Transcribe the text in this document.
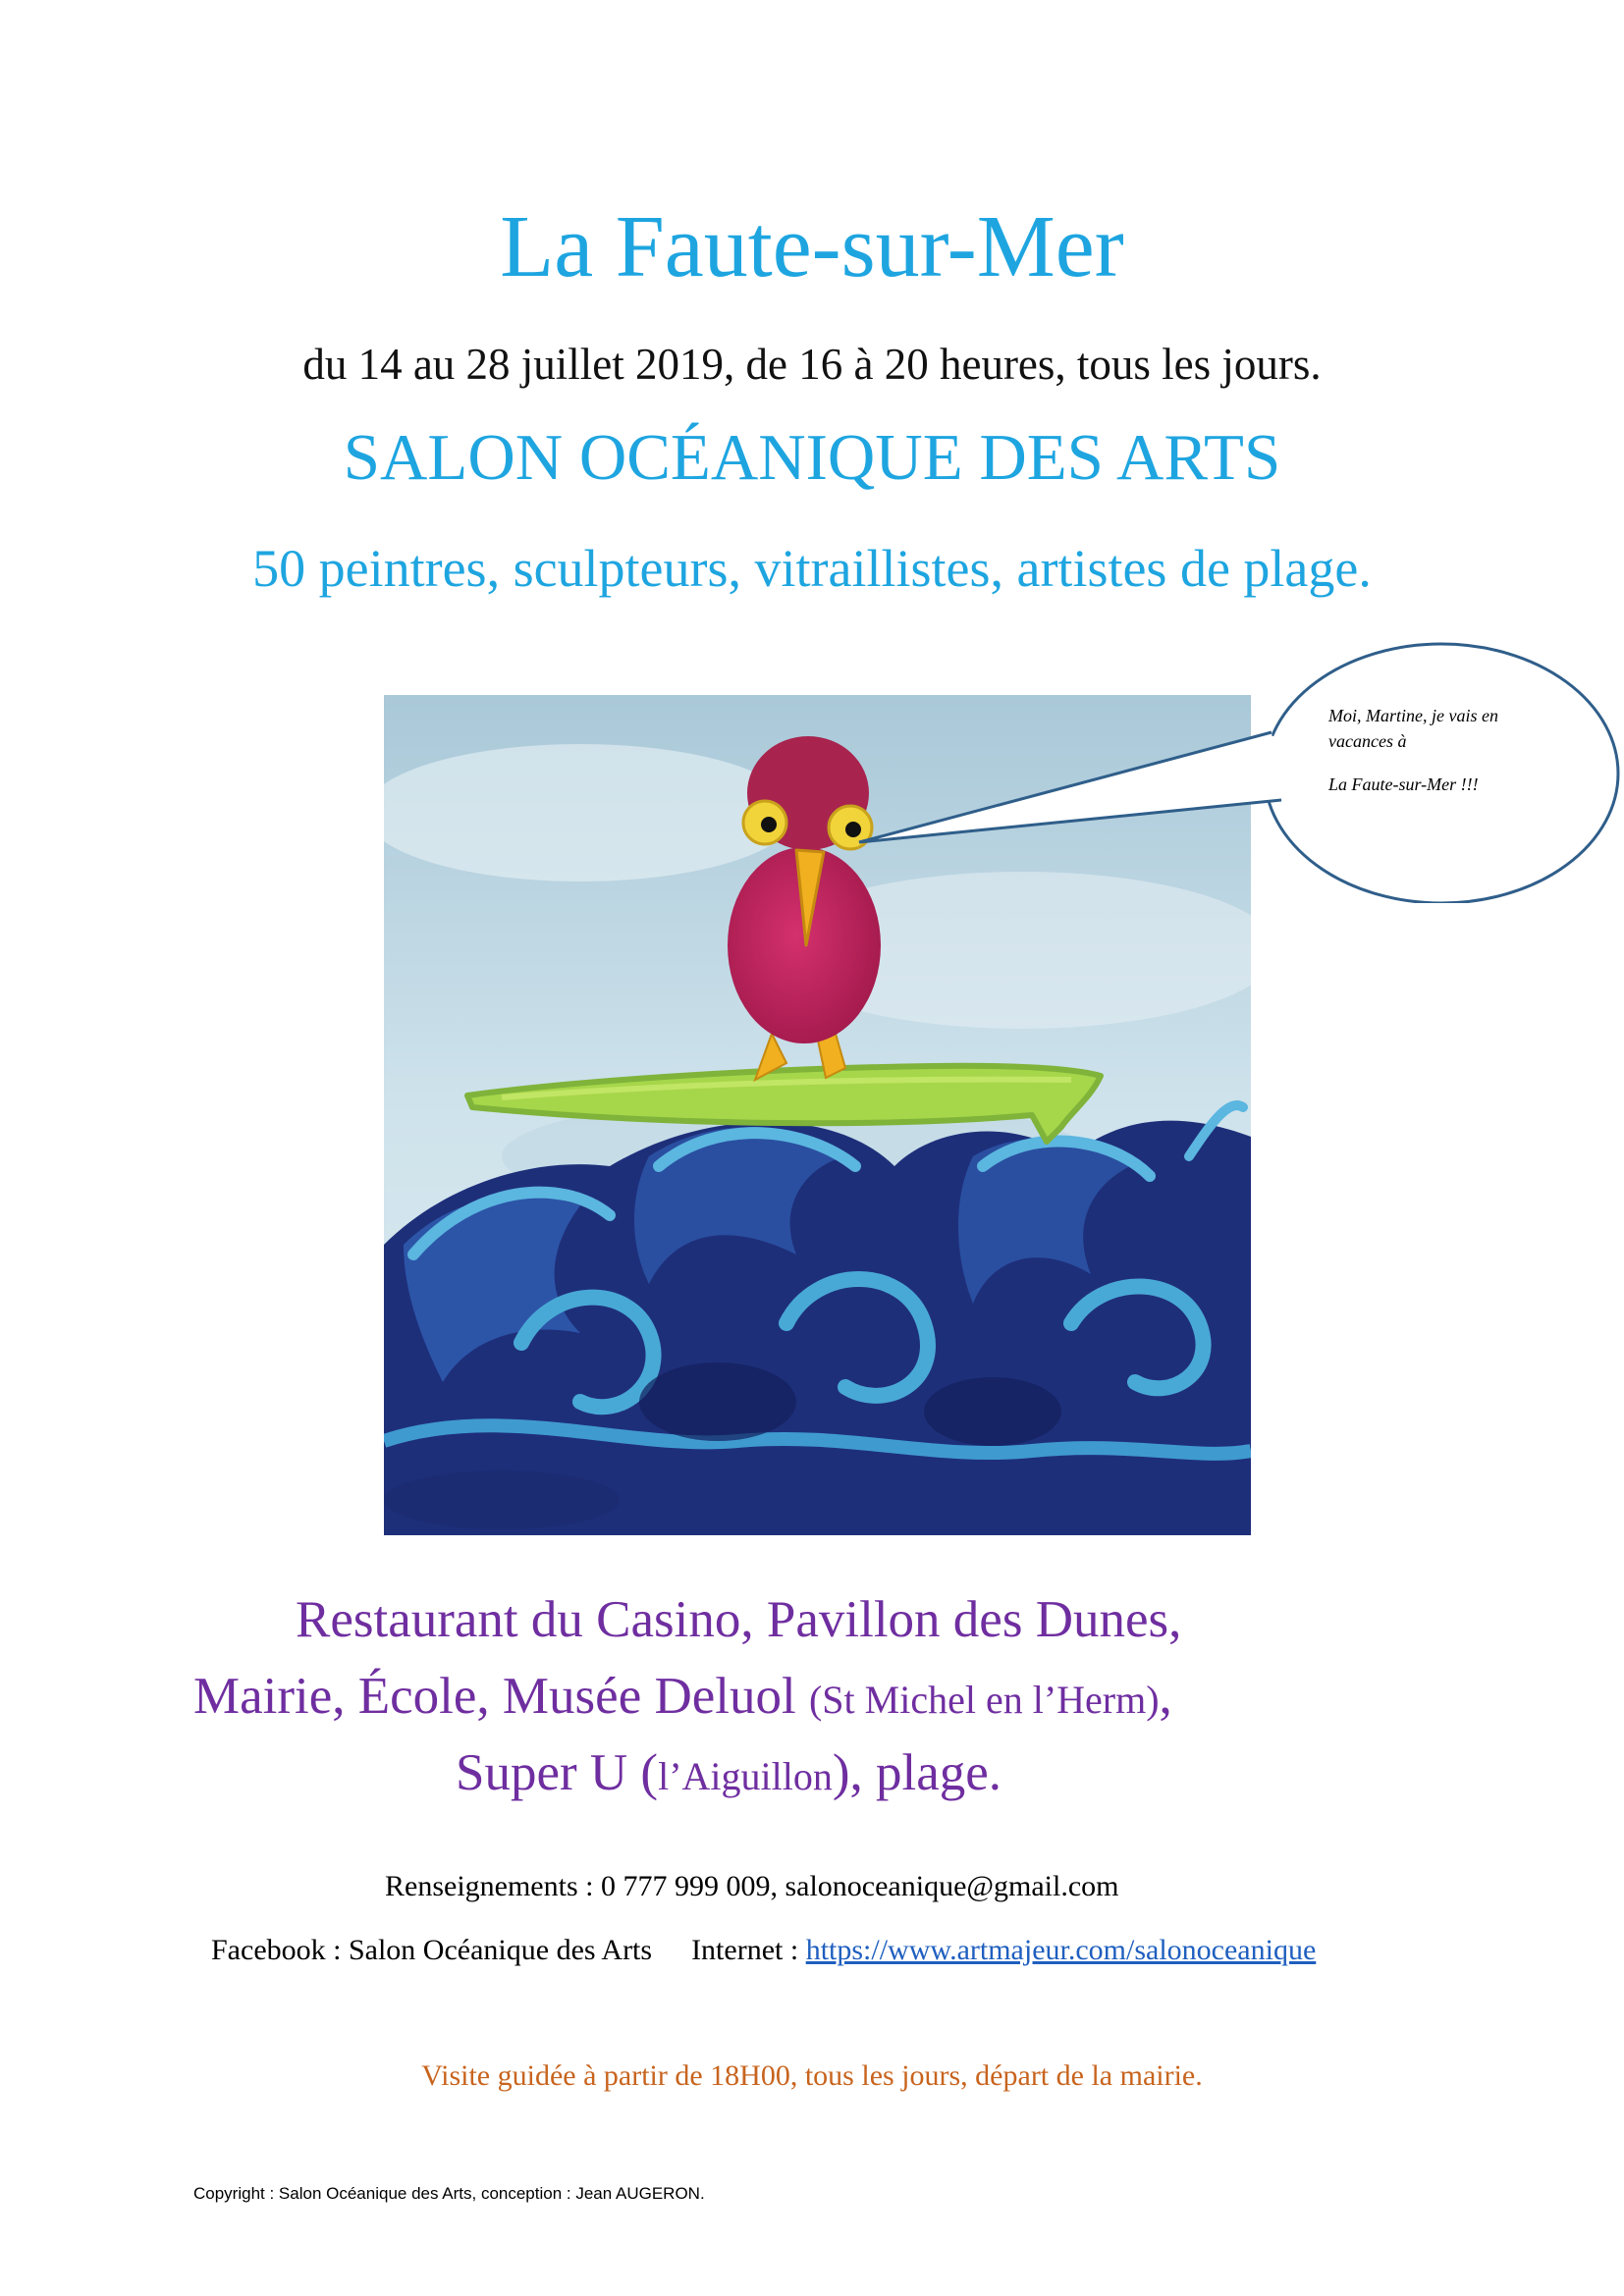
La Faute-sur-Mer
du 14 au 28 juillet 2019, de 16 à 20 heures, tous les jours.
SALON OCÉANIQUE DES ARTS
50 peintres, sculpteurs, vitraillistes, artistes de plage.
Moi, Martine, je vais en
vacances à
La Faute-sur-Mer !!!
Restaurant du Casino, Pavillon des Dunes,
Mairie, École, Musée Deluol (St Michel en l’Herm),
Super U (l’Aiguillon), plage.
Renseignements : 0 777 999 009, salonoceanique@gmail.com
Facebook : Salon Océanique des Arts Internet : https://www.artmajeur.com/salonoceanique
Visite guidée à partir de 18H00, tous les jours, départ de la mairie.
Copyright : Salon Océanique des Arts, conception : Jean AUGERON.
